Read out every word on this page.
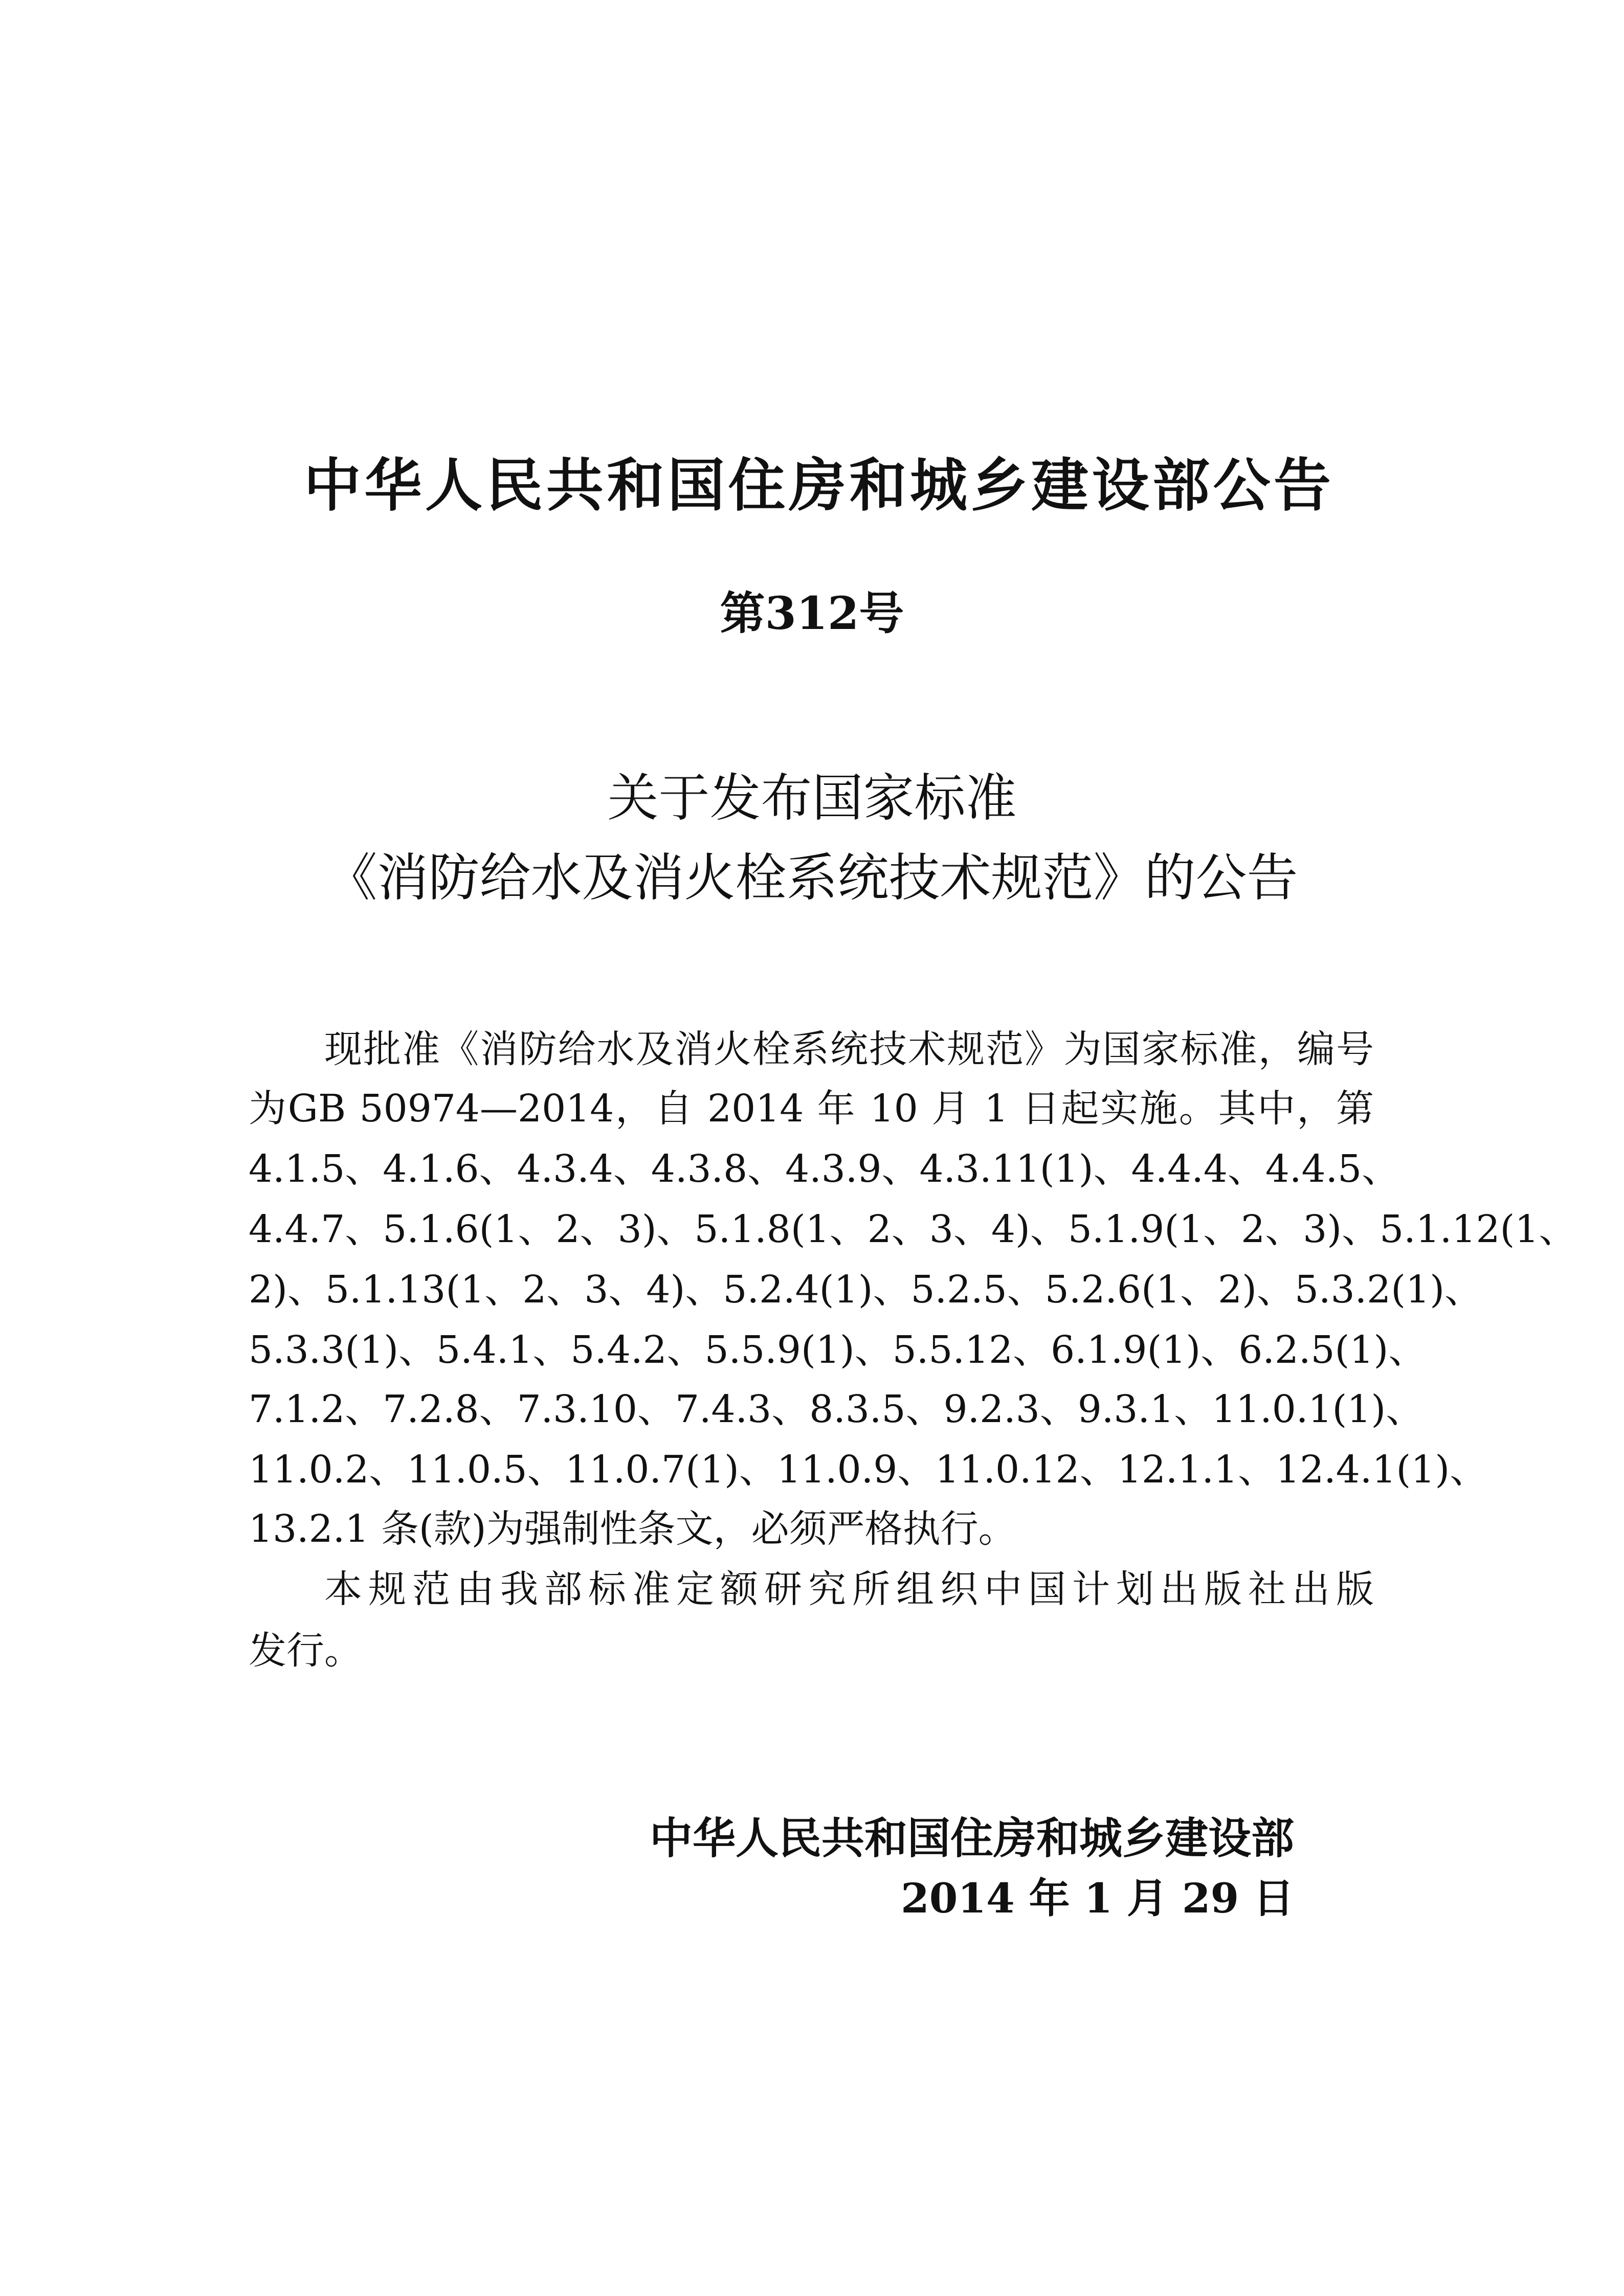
中华人民共和国住房和城乡建设部公告
第312号
关于发布国家标准
《消防给水及消火栓系统技术规范》的公告
现批准《消防给水及消火栓系统技术规范》为国家标准，编号
为GB 50974—2014，自 2014 年 10 月 1 日起实施。其中，第
4.1.5、4.1.6、4.3.4、4.3.8、4.3.9、4.3.11(1)、4.4.4、4.4.5、
4.4.7、5.1.6(1、2、3)、5.1.8(1、2、3、4)、5.1.9(1、2、3)、5.1.12(1、
2)、5.1.13(1、2、3、4)、5.2.4(1)、5.2.5、5.2.6(1、2)、5.3.2(1)、
5.3.3(1)、5.4.1、5.4.2、5.5.9(1)、5.5.12、6.1.9(1)、6.2.5(1)、
7.1.2、7.2.8、7.3.10、7.4.3、8.3.5、9.2.3、9.3.1、11.0.1(1)、
11.0.2、11.0.5、11.0.7(1)、11.0.9、11.0.12、12.1.1、12.4.1(1)、
13.2.1 条(款)为强制性条文，必须严格执行。
本规范由我部标准定额研究所组织中国计划出版社出版
发行。
中华人民共和国住房和城乡建设部
2014 年 1 月 29 日
